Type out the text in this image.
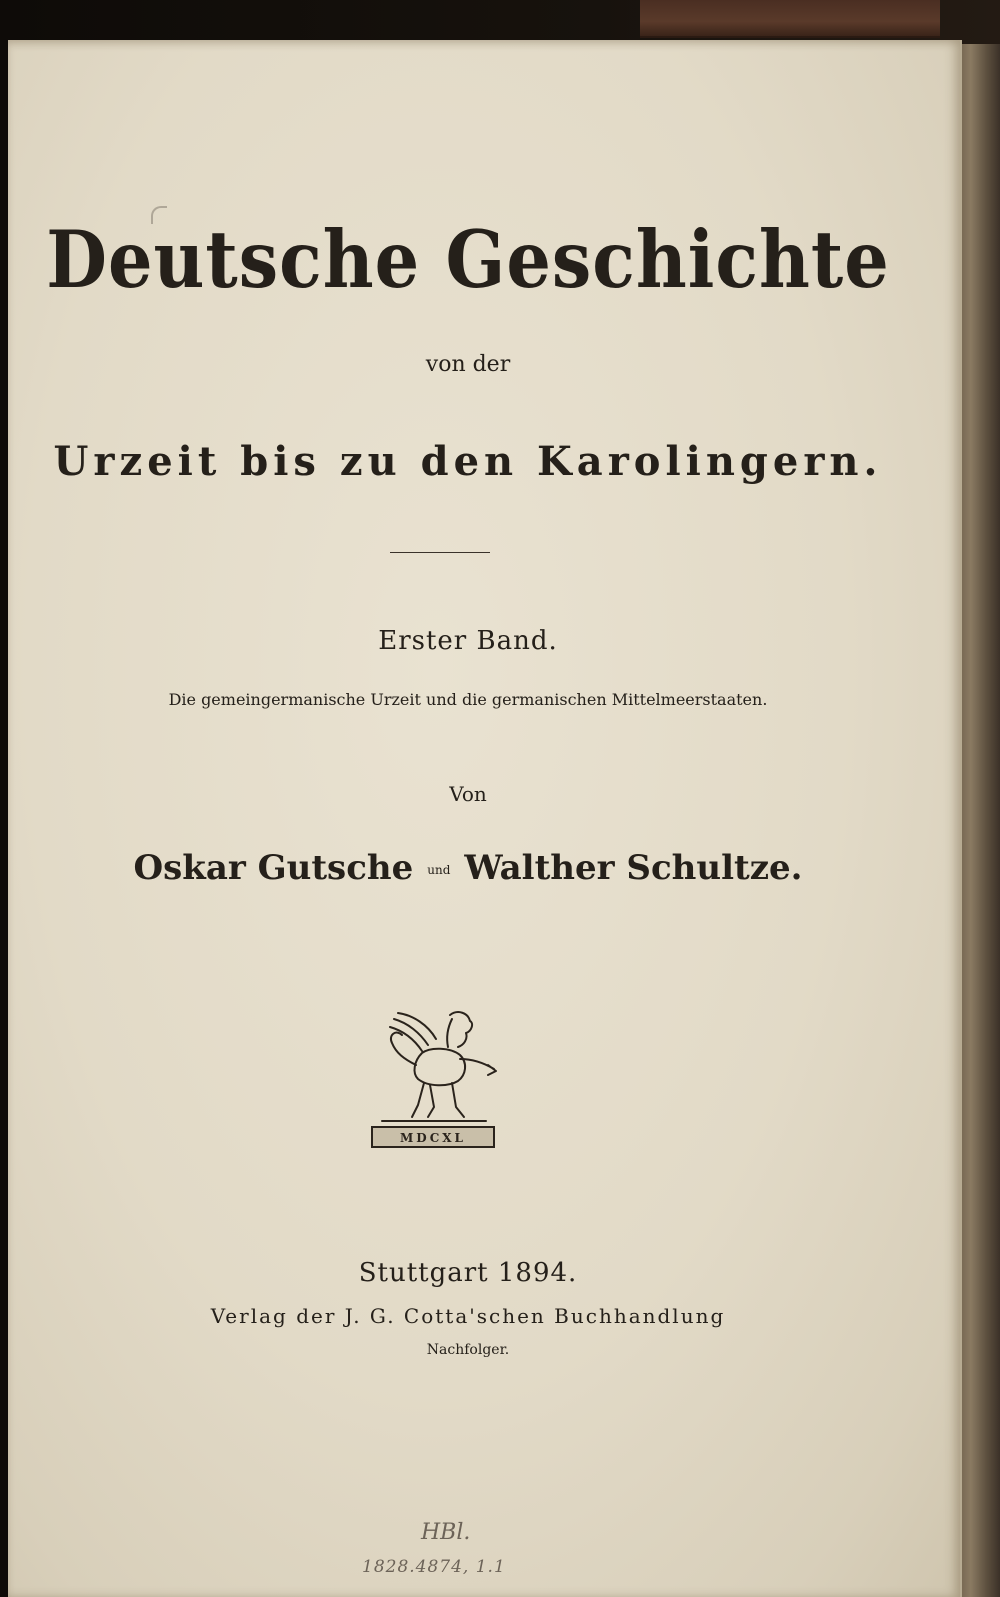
Deutsche Geschichte
von der
Urzeit bis zu den Karolingern.
Erster Band.
Die gemeingermanische Urzeit und die germanischen Mittelmeerstaaten.
Von
Oskar Gutsche und Walther Schultze.
MDCXL
Stuttgart 1894.
Verlag der J. G. Cotta'schen Buchhandlung
Nachfolger.
HBl.
1828.4874, 1.1
